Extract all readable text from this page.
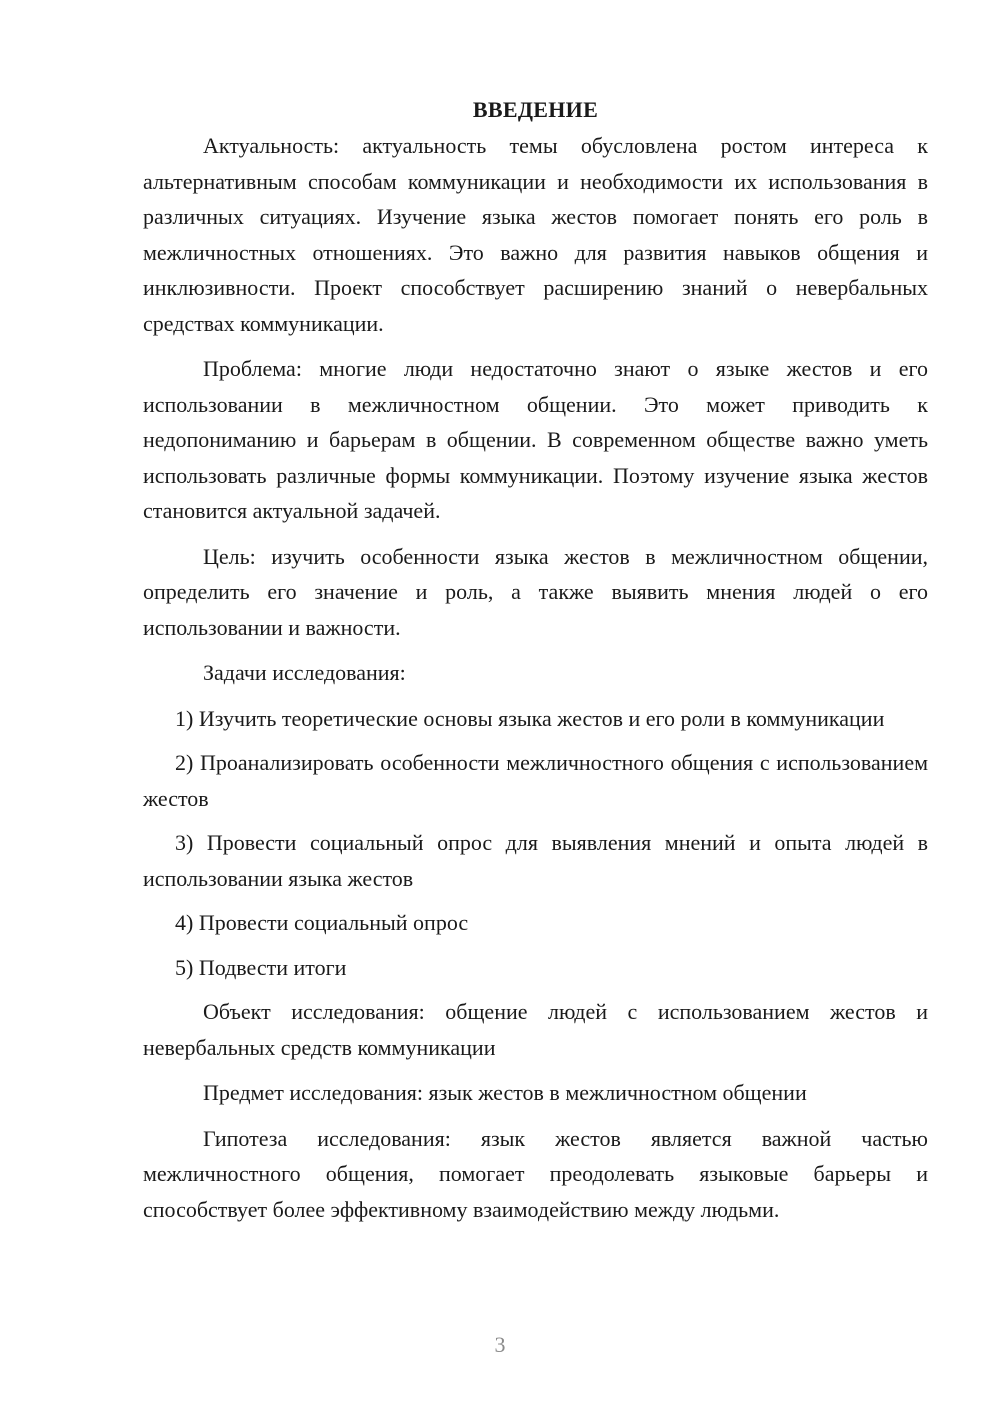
ВВЕДЕНИЕ

Актуальность: актуальность темы обусловлена ростом интереса к альтернативным способам коммуникации и необходимости их использования в различных ситуациях. Изучение языка жестов помогает понять его роль в межличностных отношениях. Это важно для развития навыков общения и инклюзивности. Проект способствует расширению знаний о невербальных средствах коммуникации.

Проблема: многие люди недостаточно знают о языке жестов и его использовании в межличностном общении. Это может приводить к недопониманию и барьерам в общении. В современном обществе важно уметь использовать различные формы коммуникации. Поэтому изучение языка жестов становится актуальной задачей.

Цель: изучить особенности языка жестов в межличностном общении, определить его значение и роль, а также выявить мнения людей о его использовании и важности.

Задачи исследования:

1) Изучить теоретические основы языка жестов и его роли в коммуникации

2) Проанализировать особенности межличностного общения с использованием жестов

3) Провести социальный опрос для выявления мнений и опыта людей в использовании языка жестов

4) Провести социальный опрос

5) Подвести итоги

Объект исследования: общение людей с использованием жестов и невербальных средств коммуникации

Предмет исследования: язык жестов в межличностном общении

Гипотеза исследования: язык жестов является важной частью межличностного общения, помогает преодолевать языковые барьеры и способствует более эффективному взаимодействию между людьми.

3
